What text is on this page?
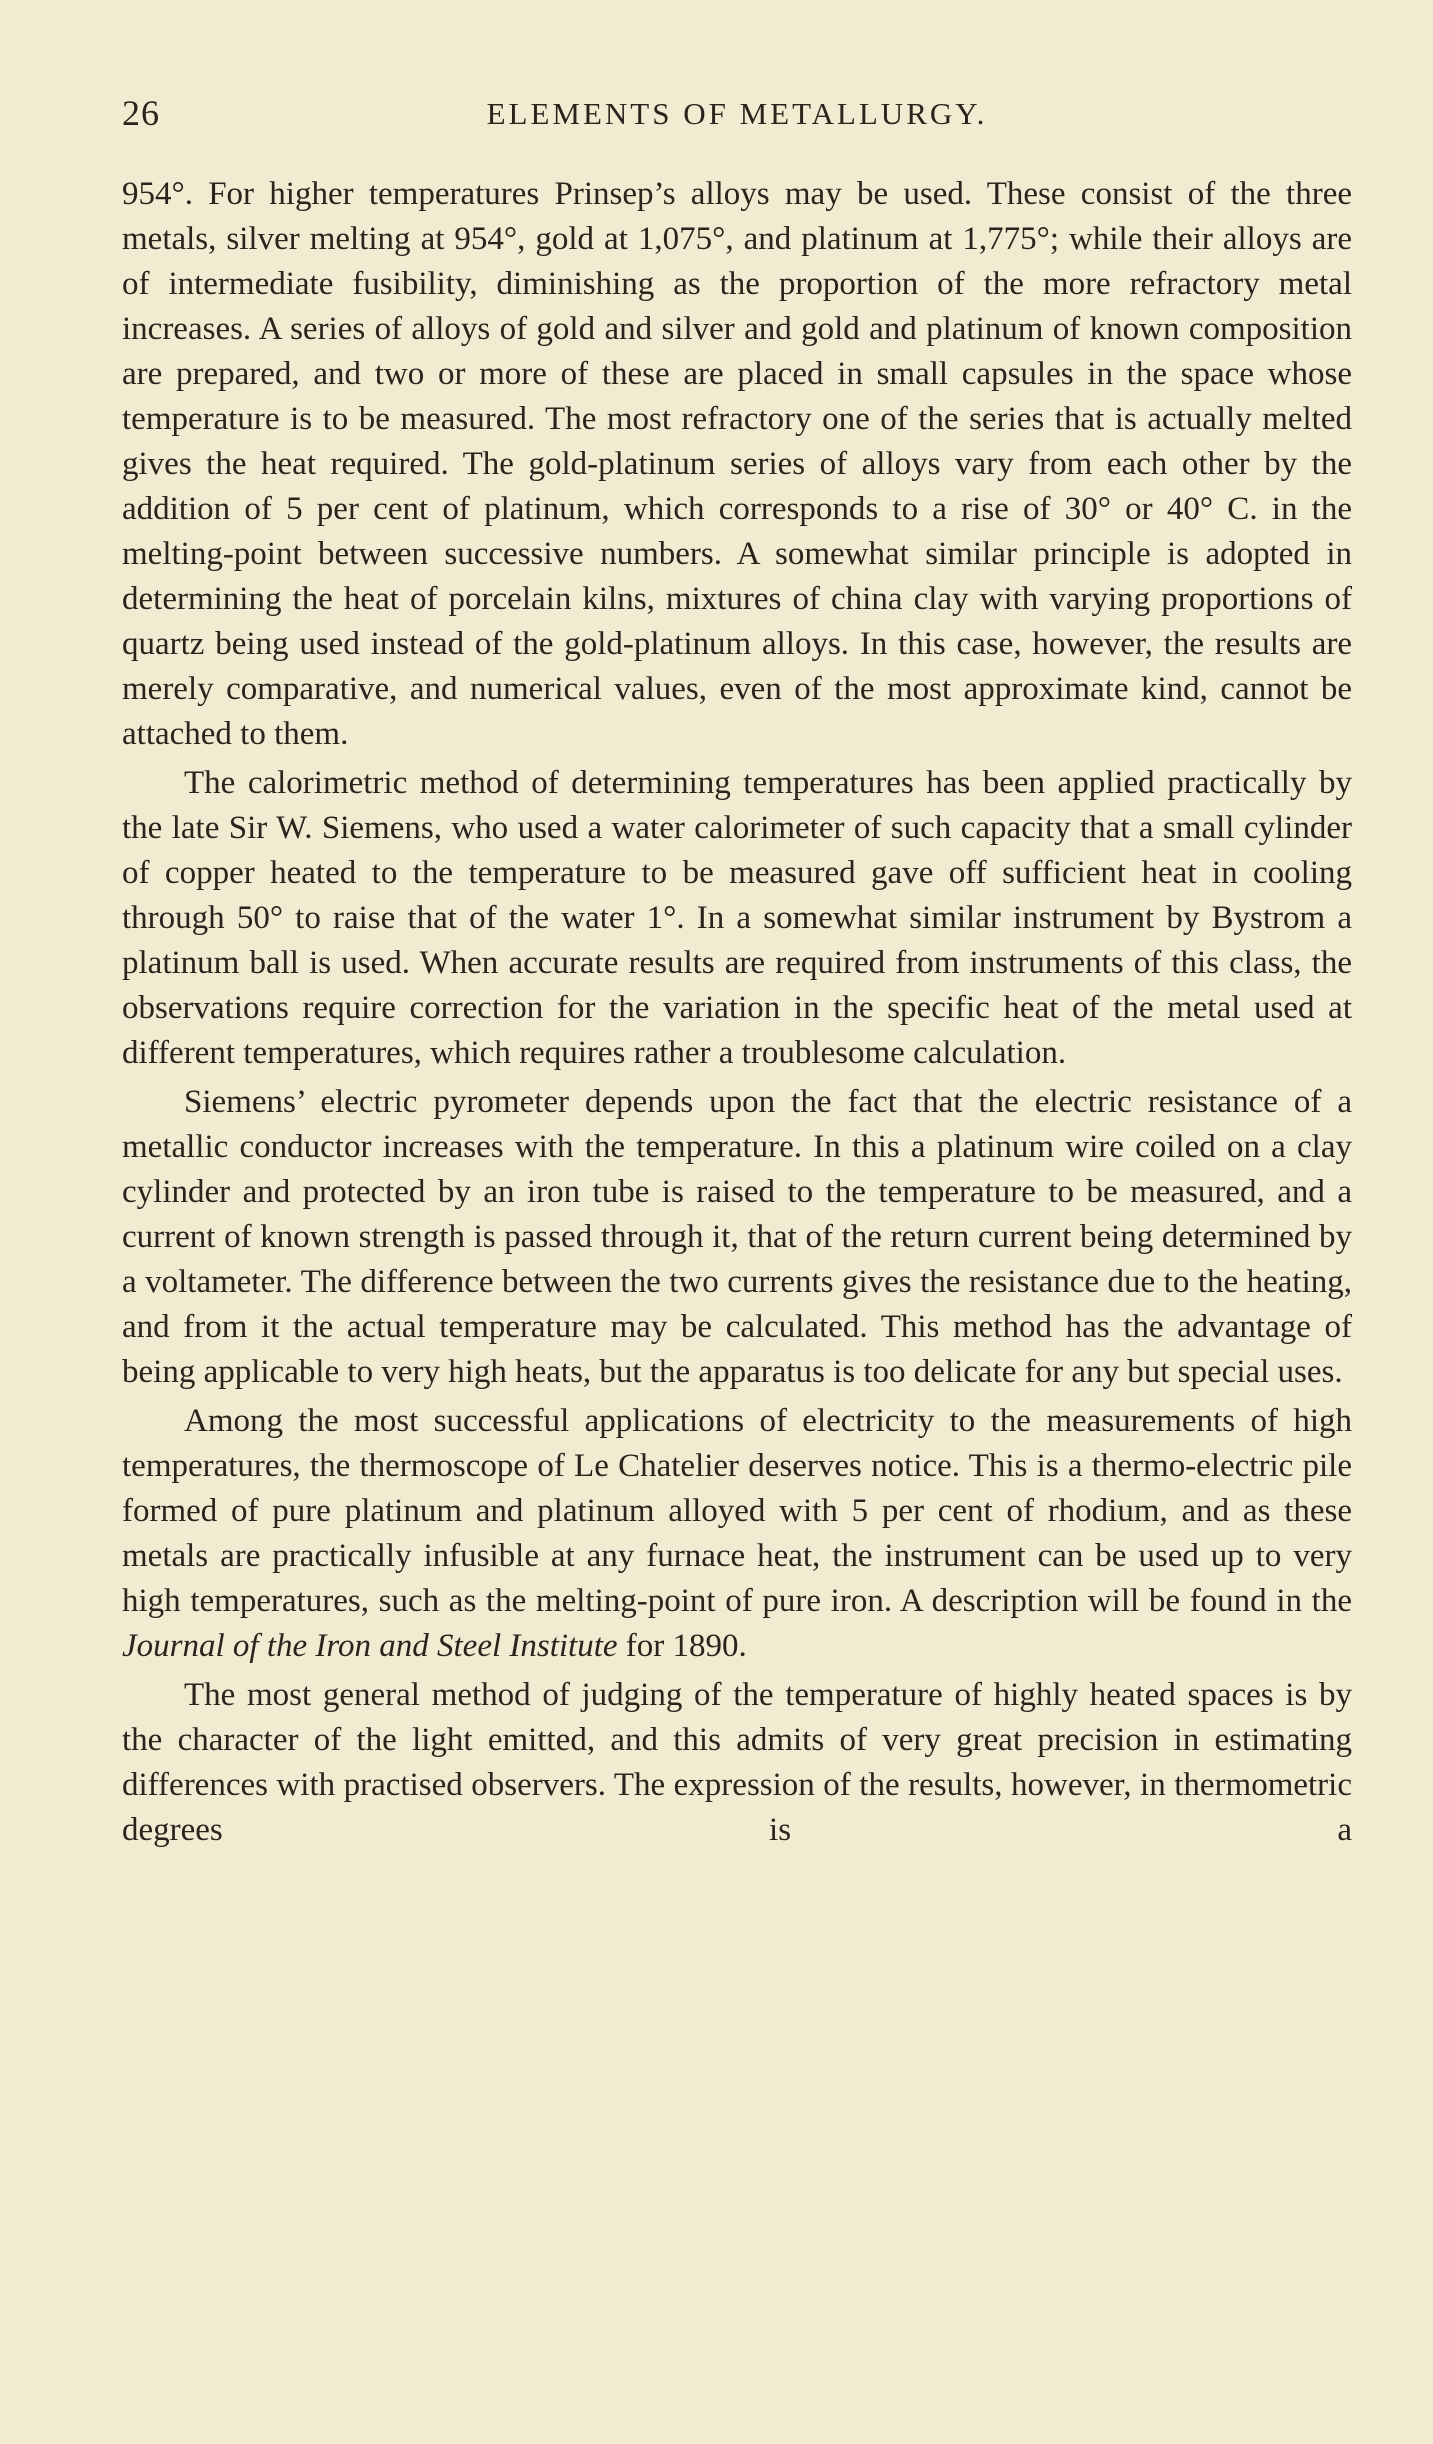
26	ELEMENTS OF METALLURGY.

954°. For higher temperatures Prinsep’s alloys may be used. These consist of the three metals, silver melting at 954°, gold at 1,075°, and platinum at 1,775°; while their alloys are of intermediate fusibility, diminishing as the proportion of the more refractory metal increases. A series of alloys of gold and silver and gold and platinum of known composition are prepared, and two or more of these are placed in small capsules in the space whose temperature is to be measured. The most refractory one of the series that is actually melted gives the heat required. The gold-platinum series of alloys vary from each other by the addition of 5 per cent of platinum, which corresponds to a rise of 30° or 40° C. in the melting-point between successive numbers. A somewhat similar principle is adopted in determining the heat of porcelain kilns, mixtures of china clay with varying proportions of quartz being used instead of the gold-platinum alloys. In this case, however, the results are merely comparative, and numerical values, even of the most approximate kind, cannot be attached to them.

The calorimetric method of determining temperatures has been applied practically by the late Sir W. Siemens, who used a water calorimeter of such capacity that a small cylinder of copper heated to the temperature to be measured gave off sufficient heat in cooling through 50° to raise that of the water 1°. In a somewhat similar instrument by Bystrom a platinum ball is used. When accurate results are required from instruments of this class, the observations require correction for the variation in the specific heat of the metal used at different temperatures, which requires rather a troublesome calculation.

Siemens’ electric pyrometer depends upon the fact that the electric resistance of a metallic conductor increases with the temperature. In this a platinum wire coiled on a clay cylinder and protected by an iron tube is raised to the temperature to be measured, and a current of known strength is passed through it, that of the return current being determined by a voltameter. The difference between the two currents gives the resistance due to the heating, and from it the actual temperature may be calculated. This method has the advantage of being applicable to very high heats, but the apparatus is too delicate for any but special uses.

Among the most successful applications of electricity to the measurements of high temperatures, the thermoscope of Le Chatelier deserves notice. This is a thermo-electric pile formed of pure platinum and platinum alloyed with 5 per cent of rhodium, and as these metals are practically infusible at any furnace heat, the instrument can be used up to very high temperatures, such as the melting-point of pure iron. A description will be found in the Journal of the Iron and Steel Institute for 1890.

The most general method of judging of the temperature of highly heated spaces is by the character of the light emitted, and this admits of very great precision in estimating differences with practised observers. The expression of the results, however, in thermometric degrees is a
